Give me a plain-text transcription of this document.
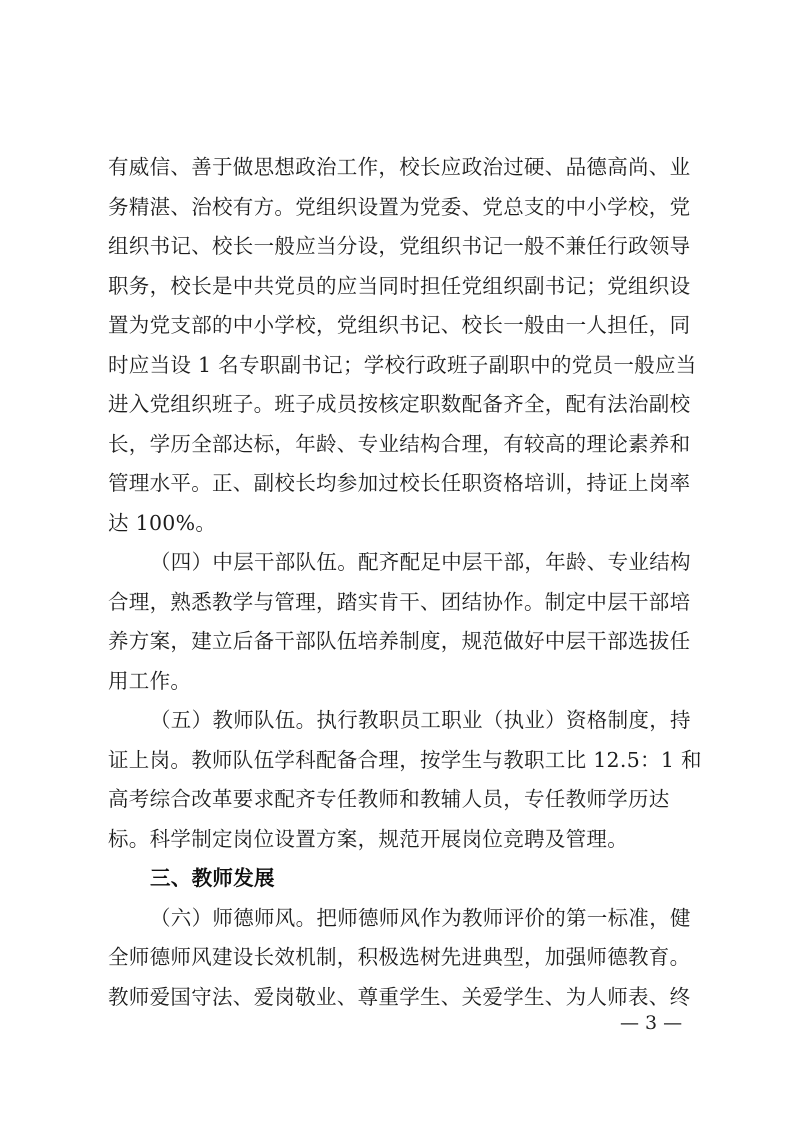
有威信、善于做思想政治工作，校长应政治过硬、品德高尚、业
务精湛、治校有方。党组织设置为党委、党总支的中小学校，党
组织书记、校长一般应当分设，党组织书记一般不兼任行政领导
职务，校长是中共党员的应当同时担任党组织副书记；党组织设
置为党支部的中小学校，党组织书记、校长一般由一人担任，同
时应当设 1 名专职副书记；学校行政班子副职中的党员一般应当
进入党组织班子。班子成员按核定职数配备齐全，配有法治副校
长，学历全部达标，年龄、专业结构合理，有较高的理论素养和
管理水平。正、副校长均参加过校长任职资格培训，持证上岗率
达 100%。
（四）中层干部队伍。配齐配足中层干部，年龄、专业结构
合理，熟悉教学与管理，踏实肯干、团结协作。制定中层干部培
养方案，建立后备干部队伍培养制度，规范做好中层干部选拔任
用工作。
（五）教师队伍。执行教职员工职业（执业）资格制度，持
证上岗。教师队伍学科配备合理，按学生与教职工比 12.5：1 和
高考综合改革要求配齐专任教师和教辅人员，专任教师学历达
标。科学制定岗位设置方案，规范开展岗位竞聘及管理。
三、教师发展
（六）师德师风。把师德师风作为教师评价的第一标准，健
全师德师风建设长效机制，积极选树先进典型，加强师德教育。
教师爱国守法、爱岗敬业、尊重学生、关爱学生、为人师表、终
— 3 —
